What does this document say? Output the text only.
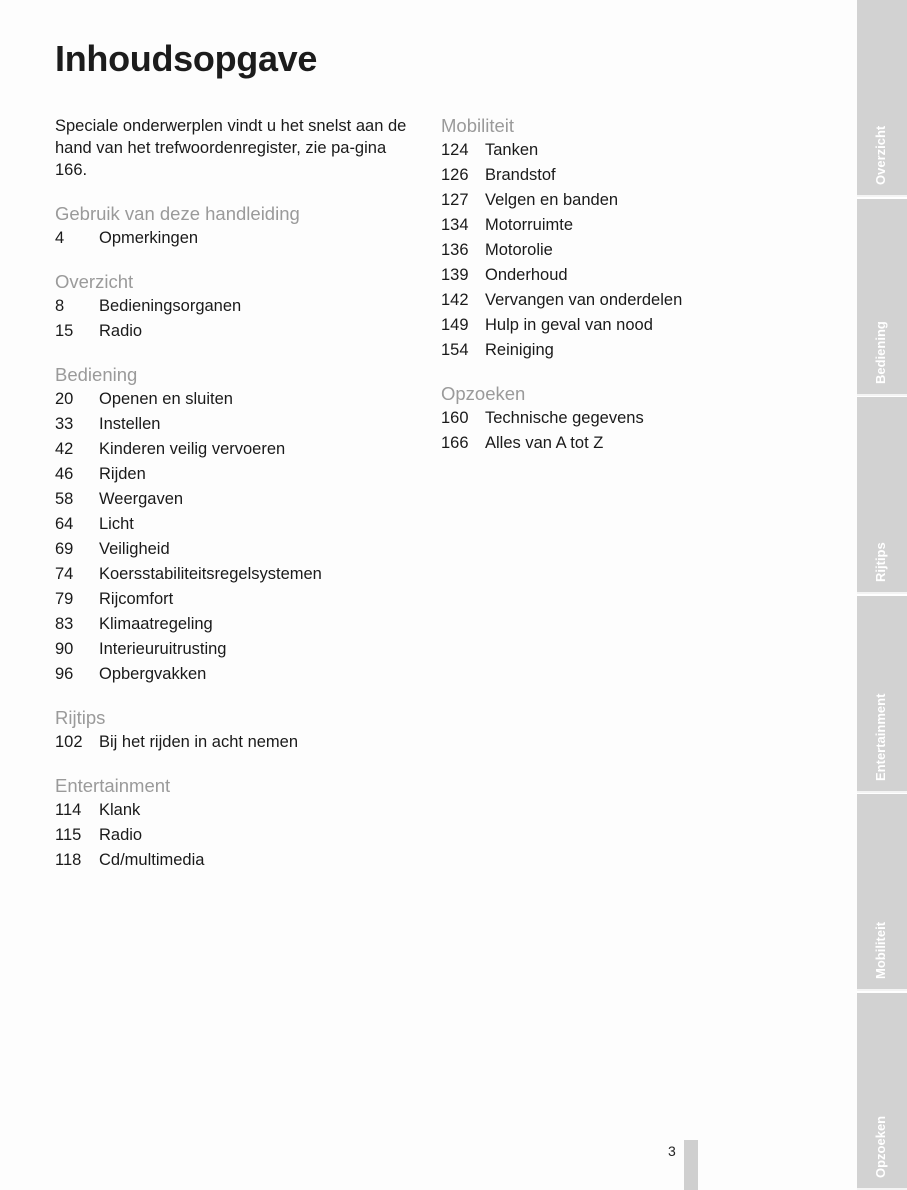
Inhoudsopgave

Speciale onderwerplen vindt u het snelst aan de hand van het trefwoordenregister, zie pa-gina 166.

Gebruik van deze handleiding
4	Opmerkingen
Overzicht
8	Bedieningsorganen
15	Radio
Bediening
20	Openen en sluiten
33	Instellen
42	Kinderen veilig vervoeren
46	Rijden
58	Weergaven
64	Licht
69	Veiligheid
74	Koersstabiliteitsregelsystemen
79	Rijcomfort
83	Klimaatregeling
90	Interieuruitrusting
96	Opbergvakken
Rijtips
102 Bij het rijden in acht nemen
Entertainment
114	Klank
115	Radio
118	Cd/multimedia
Mobiliteit
124 Tanken
126 Brandstof
127 Velgen en banden
134 Motorruimte
136 Motorolie
139 Onderhoud
142 Vervangen van onderdelen
149 Hulp in geval van nood
154 Reiniging
Opzoeken
160 Technische gegevens
166 Alles van A tot Z
Overzicht
Bediening
Rijtips
Entertainment
Mobiliteit
Opzoeken
3
